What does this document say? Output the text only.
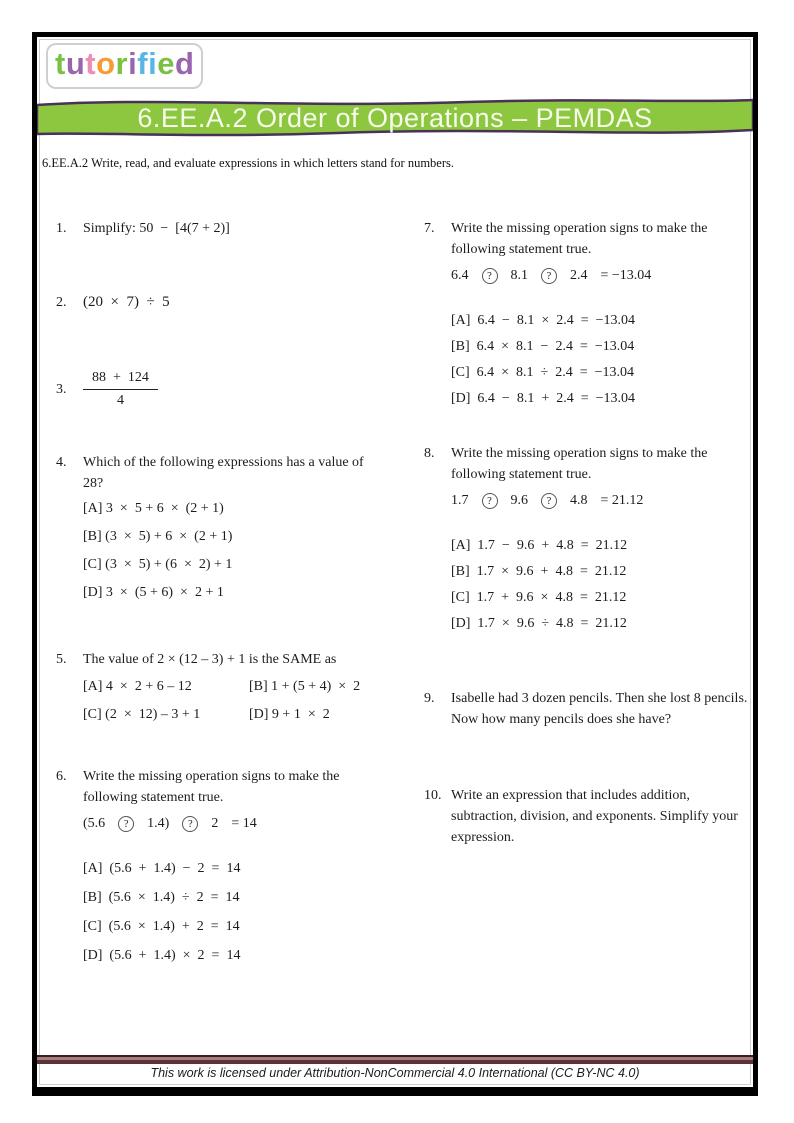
tutorified
6.EE.A.2 Order of Operations – PEMDAS
6.EE.A.2 Write, read, and evaluate expressions in which letters stand for numbers.
1.	Simplify: 50  −  [4(7 + 2)]
2.	(20  ×  7)  ÷  5
3.	$\frac{88 + 124}{4}$
4.	Which of the following expressions has a value of 28?
[A] 3  ×  5 + 6  ×  (2 + 1)
[B] (3  ×  5) + 6  ×  (2 + 1)
[C] (3  ×  5) + (6  ×  2) + 1
[D] 3  ×  (5 + 6)  ×  2 + 1
5.	The value of 2 × (12 – 3) + 1 is the SAME as
[A] 4  ×  2 + 6 – 12	[B] 1 + (5 + 4)  ×  2
[C] (2  ×  12) – 3 + 1	[D] 9 + 1  ×  2
6.	Write the missing operation signs to make the following statement true.
(5.6	?	1.4)	?	2 = 14
[A]  (5.6  +  1.4)  −  2  =  14
[B]  (5.6  ×  1.4)  ÷  2  =  14
[C]  (5.6  ×  1.4)  +  2  =  14
[D]  (5.6  +  1.4)  ×  2  =  14
7.	Write the missing operation signs to make the following statement true.
6.4	?	8.1	?	2.4 = −13.04
[A]  6.4  −  8.1  ×  2.4  =  −13.04
[B]  6.4  ×  8.1  −  2.4  =  −13.04
[C]  6.4  ×  8.1  ÷  2.4  =  −13.04
[D]  6.4  −  8.1  +  2.4  =  −13.04
8.	Write the missing operation signs to make the following statement true.
1.7	?	9.6	?	4.8 = 21.12
[A]  1.7  −  9.6  +  4.8  =  21.12
[B]  1.7  ×  9.6  +  4.8  =  21.12
[C]  1.7  +  9.6  ×  4.8  =  21.12
[D]  1.7  ×  9.6  ÷  4.8  =  21.12
9.	Isabelle had 3 dozen pencils. Then she lost 8 pencils. Now how many pencils does she have?
10. Write an expression that includes addition, subtraction, division, and exponents. Simplify your expression.
This work is licensed under Attribution-NonCommercial 4.0 International (CC BY-NC 4.0)
